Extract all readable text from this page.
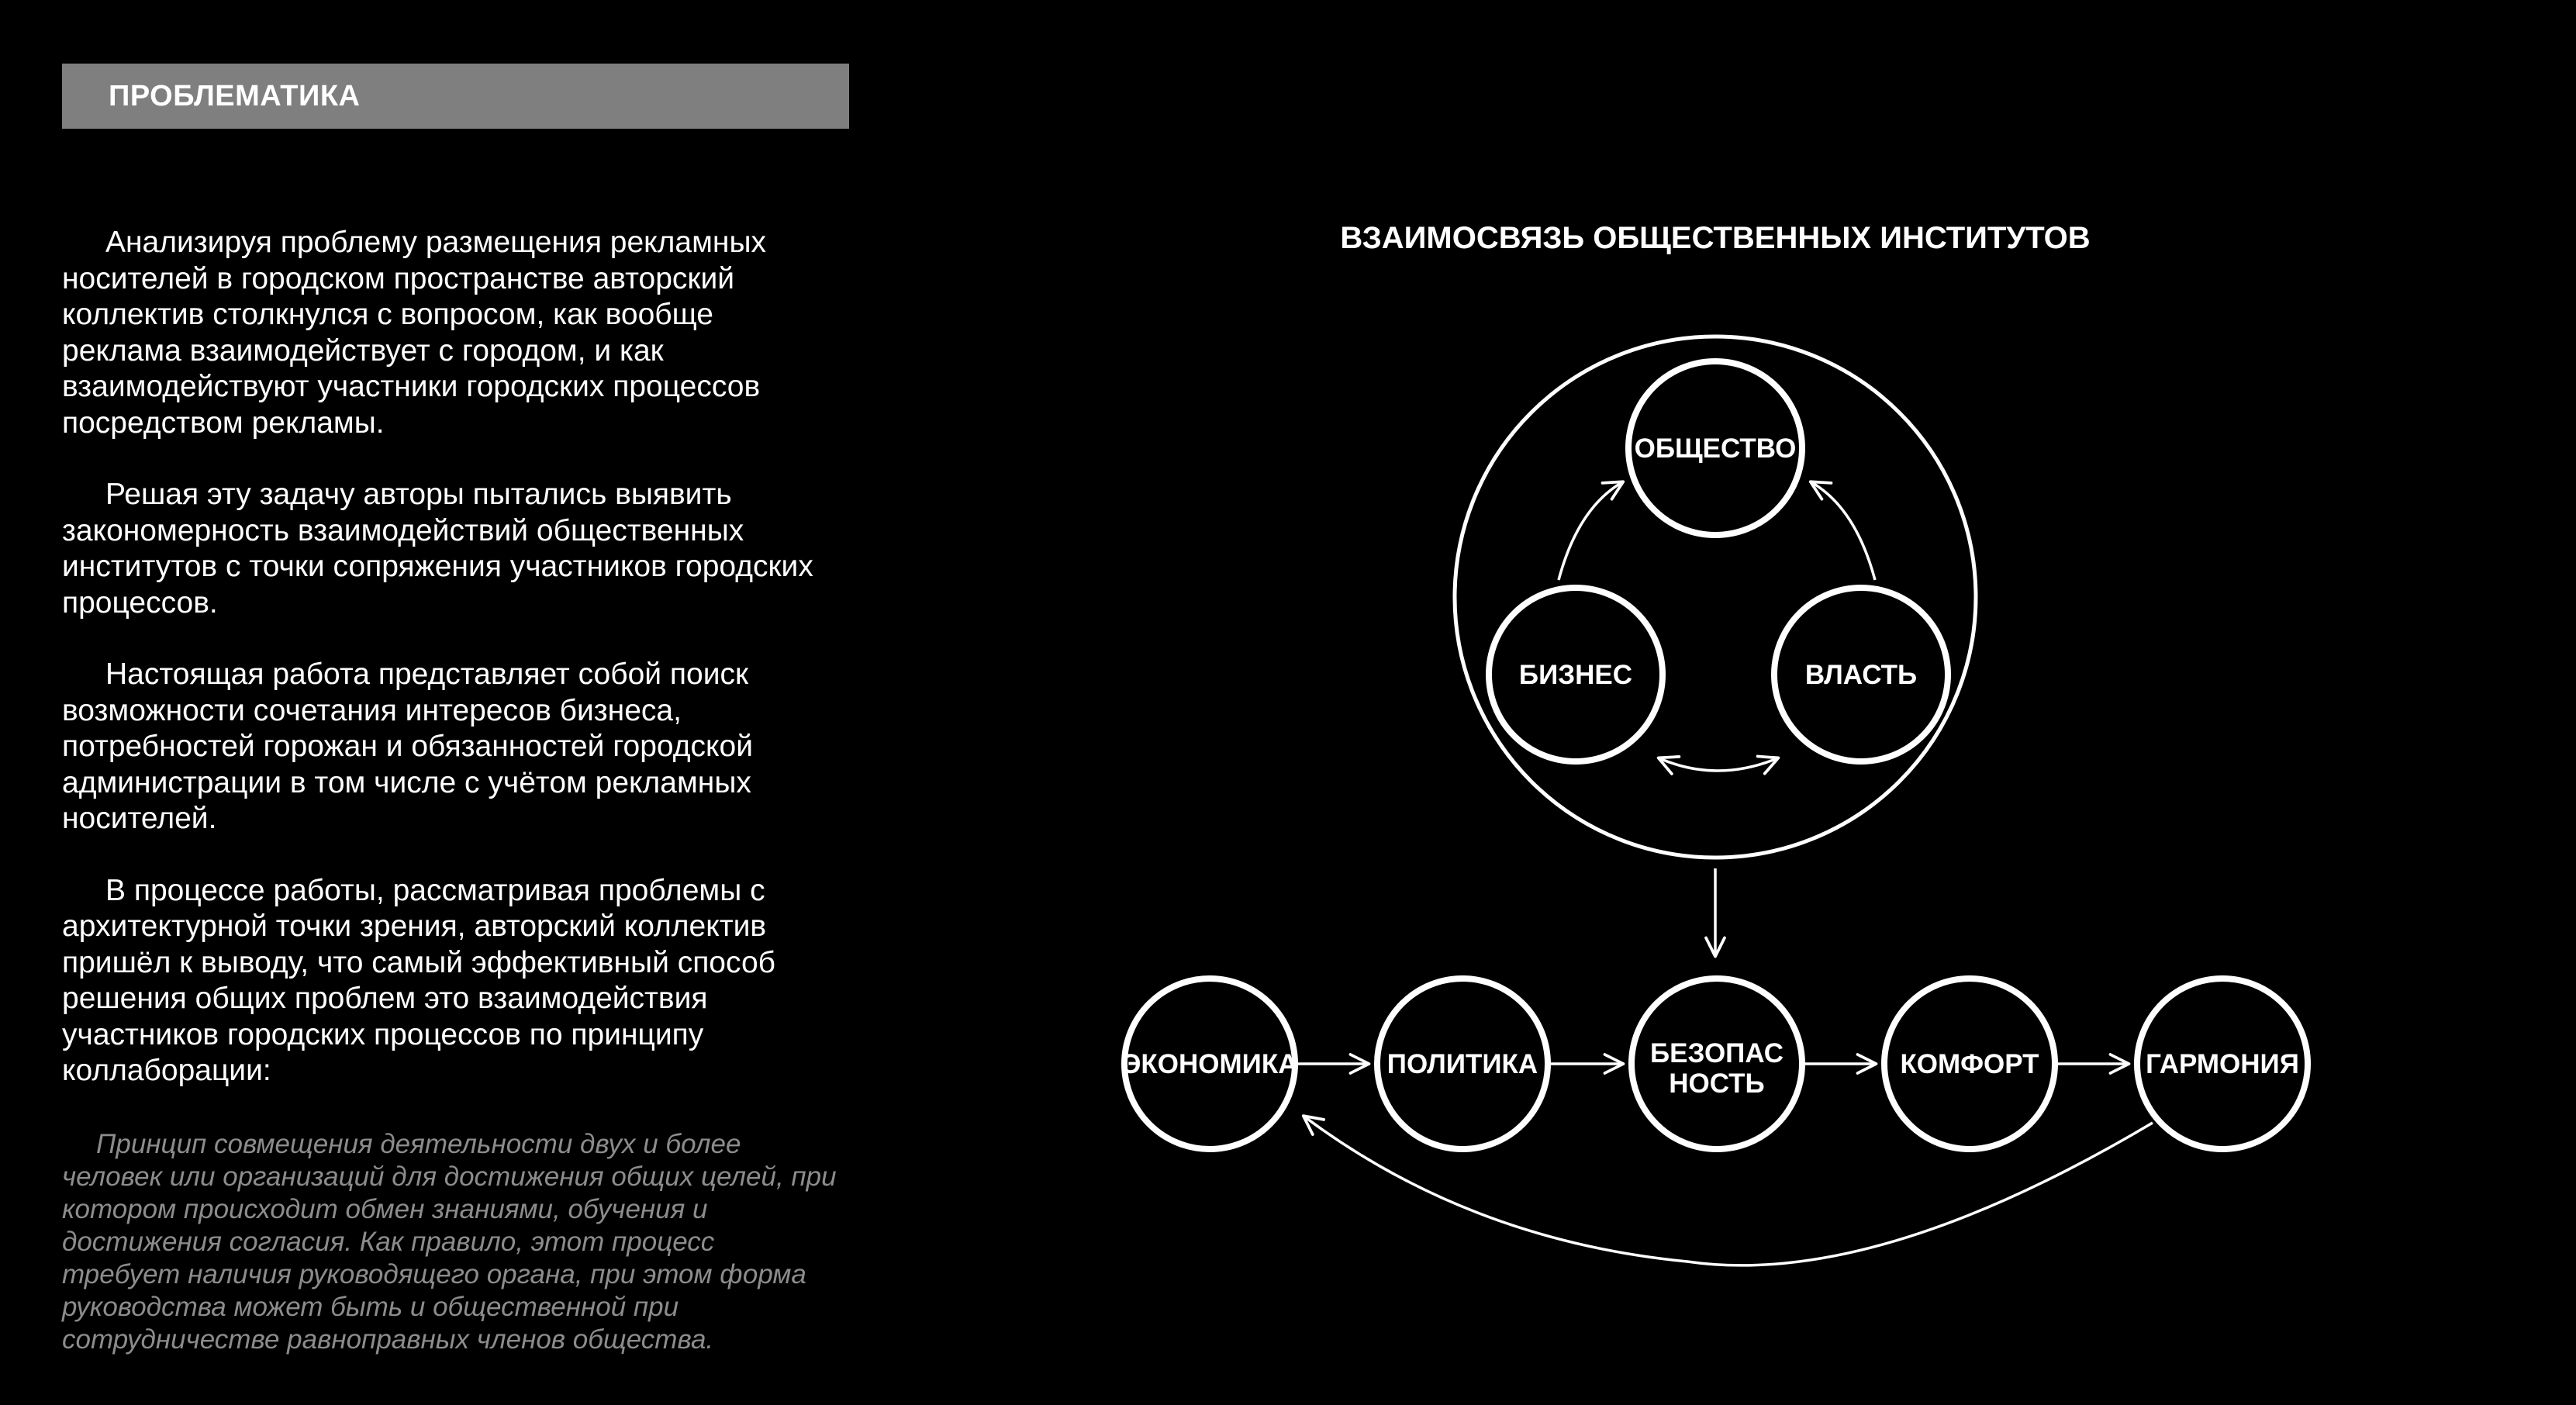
ПРОБЛЕМАТИКА

Анализируя проблему размещения рекламных носителей в городском пространстве авторский коллектив столкнулся с вопросом, как вообще реклама взаимодействует с городом, и как взаимодействуют участники городских процессов посредством рекламы.

Решая эту задачу авторы пытались выявить закономерность взаимодействий общественных институтов с точки сопряжения участников городских процессов.

Настоящая работа представляет собой поиск возможности сочетания интересов бизнеса, потребностей горожан и обязанностей городской администрации в том числе с учётом рекламных носителей.

В процессе работы, рассматривая проблемы с архитектурной точки зрения, авторский коллектив пришёл к выводу, что самый эффективный способ решения общих проблем это взаимодействия участников городских процессов по принципу коллаборации:

Принцип совмещения деятельности двух и более человек или организаций для достижения общих целей, при котором происходит обмен знаниями, обучения и достижения согласия. Как правило, этот процесс требует наличия руководящего органа, при этом форма руководства может быть и общественной при сотрудничестве равноправных членов общества.

ВЗАИМОСВЯЗЬ ОБЩЕСТВЕННЫХ ИНСТИТУТОВ
ОБЩЕСТВО
БИЗНЕС	ВЛАСТЬ
ЭКОНОМИКА	ПОЛИТИКА	БЕЗОПАС
НОСТЬ
КОМФОРТ	ГАРМОНИЯ
